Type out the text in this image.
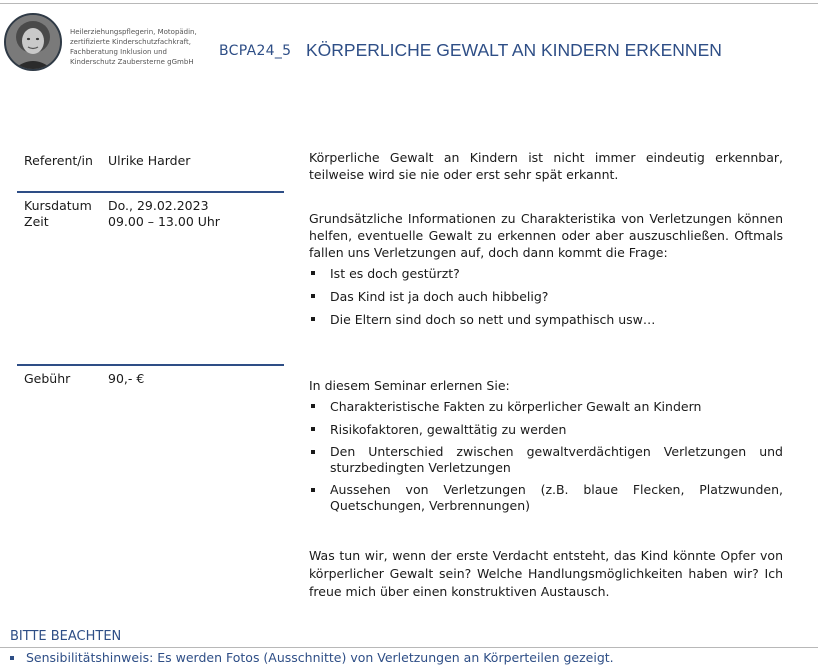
Heilerziehungspflegerin, Motopädin,
zertifizierte Kinderschutzfachkraft,
Fachberatung Inklusion und
Kinderschutz Zaubersterne gGmbH
BCPA24_5 KÖRPERLICHE GEWALT AN KINDERN ERKENNEN
Referent/in	Ulrike Harder
Kursdatum	Do., 29.02.2023
Zeit	09.00 – 13.00 Uhr
Gebühr	90,- €

Körperliche Gewalt an Kindern ist nicht immer eindeutig erkennbar, teilweise wird sie nie oder erst sehr spät erkannt.

Grundsätzliche Informationen zu Charakteristika von Verletzungen können helfen, eventuelle Gewalt zu erkennen oder aber auszuschließen. Oftmals fallen uns Verletzungen auf, doch dann kommt die Frage:

Ist es doch gestürzt?
Das Kind ist ja doch auch hibbelig?
Die Eltern sind doch so nett und sympathisch usw…

In diesem Seminar erlernen Sie:

Charakteristische Fakten zu körperlicher Gewalt an Kindern
Risikofaktoren, gewalttätig zu werden
Den Unterschied zwischen gewaltverdächtigen Verletzungen und sturzbedingten Verletzungen
Aussehen von Verletzungen (z.B. blaue Flecken, Platzwunden, Quetschungen, Verbrennungen)

Was tun wir, wenn der erste Verdacht entsteht, das Kind könnte Opfer von körperlicher Gewalt sein? Welche Handlungsmöglichkeiten haben wir? Ich freue mich über einen konstruktiven Austausch.

BITTE BEACHTEN
Sensibilitätshinweis: Es werden Fotos (Ausschnitte) von Verletzungen an Körperteilen gezeigt.
